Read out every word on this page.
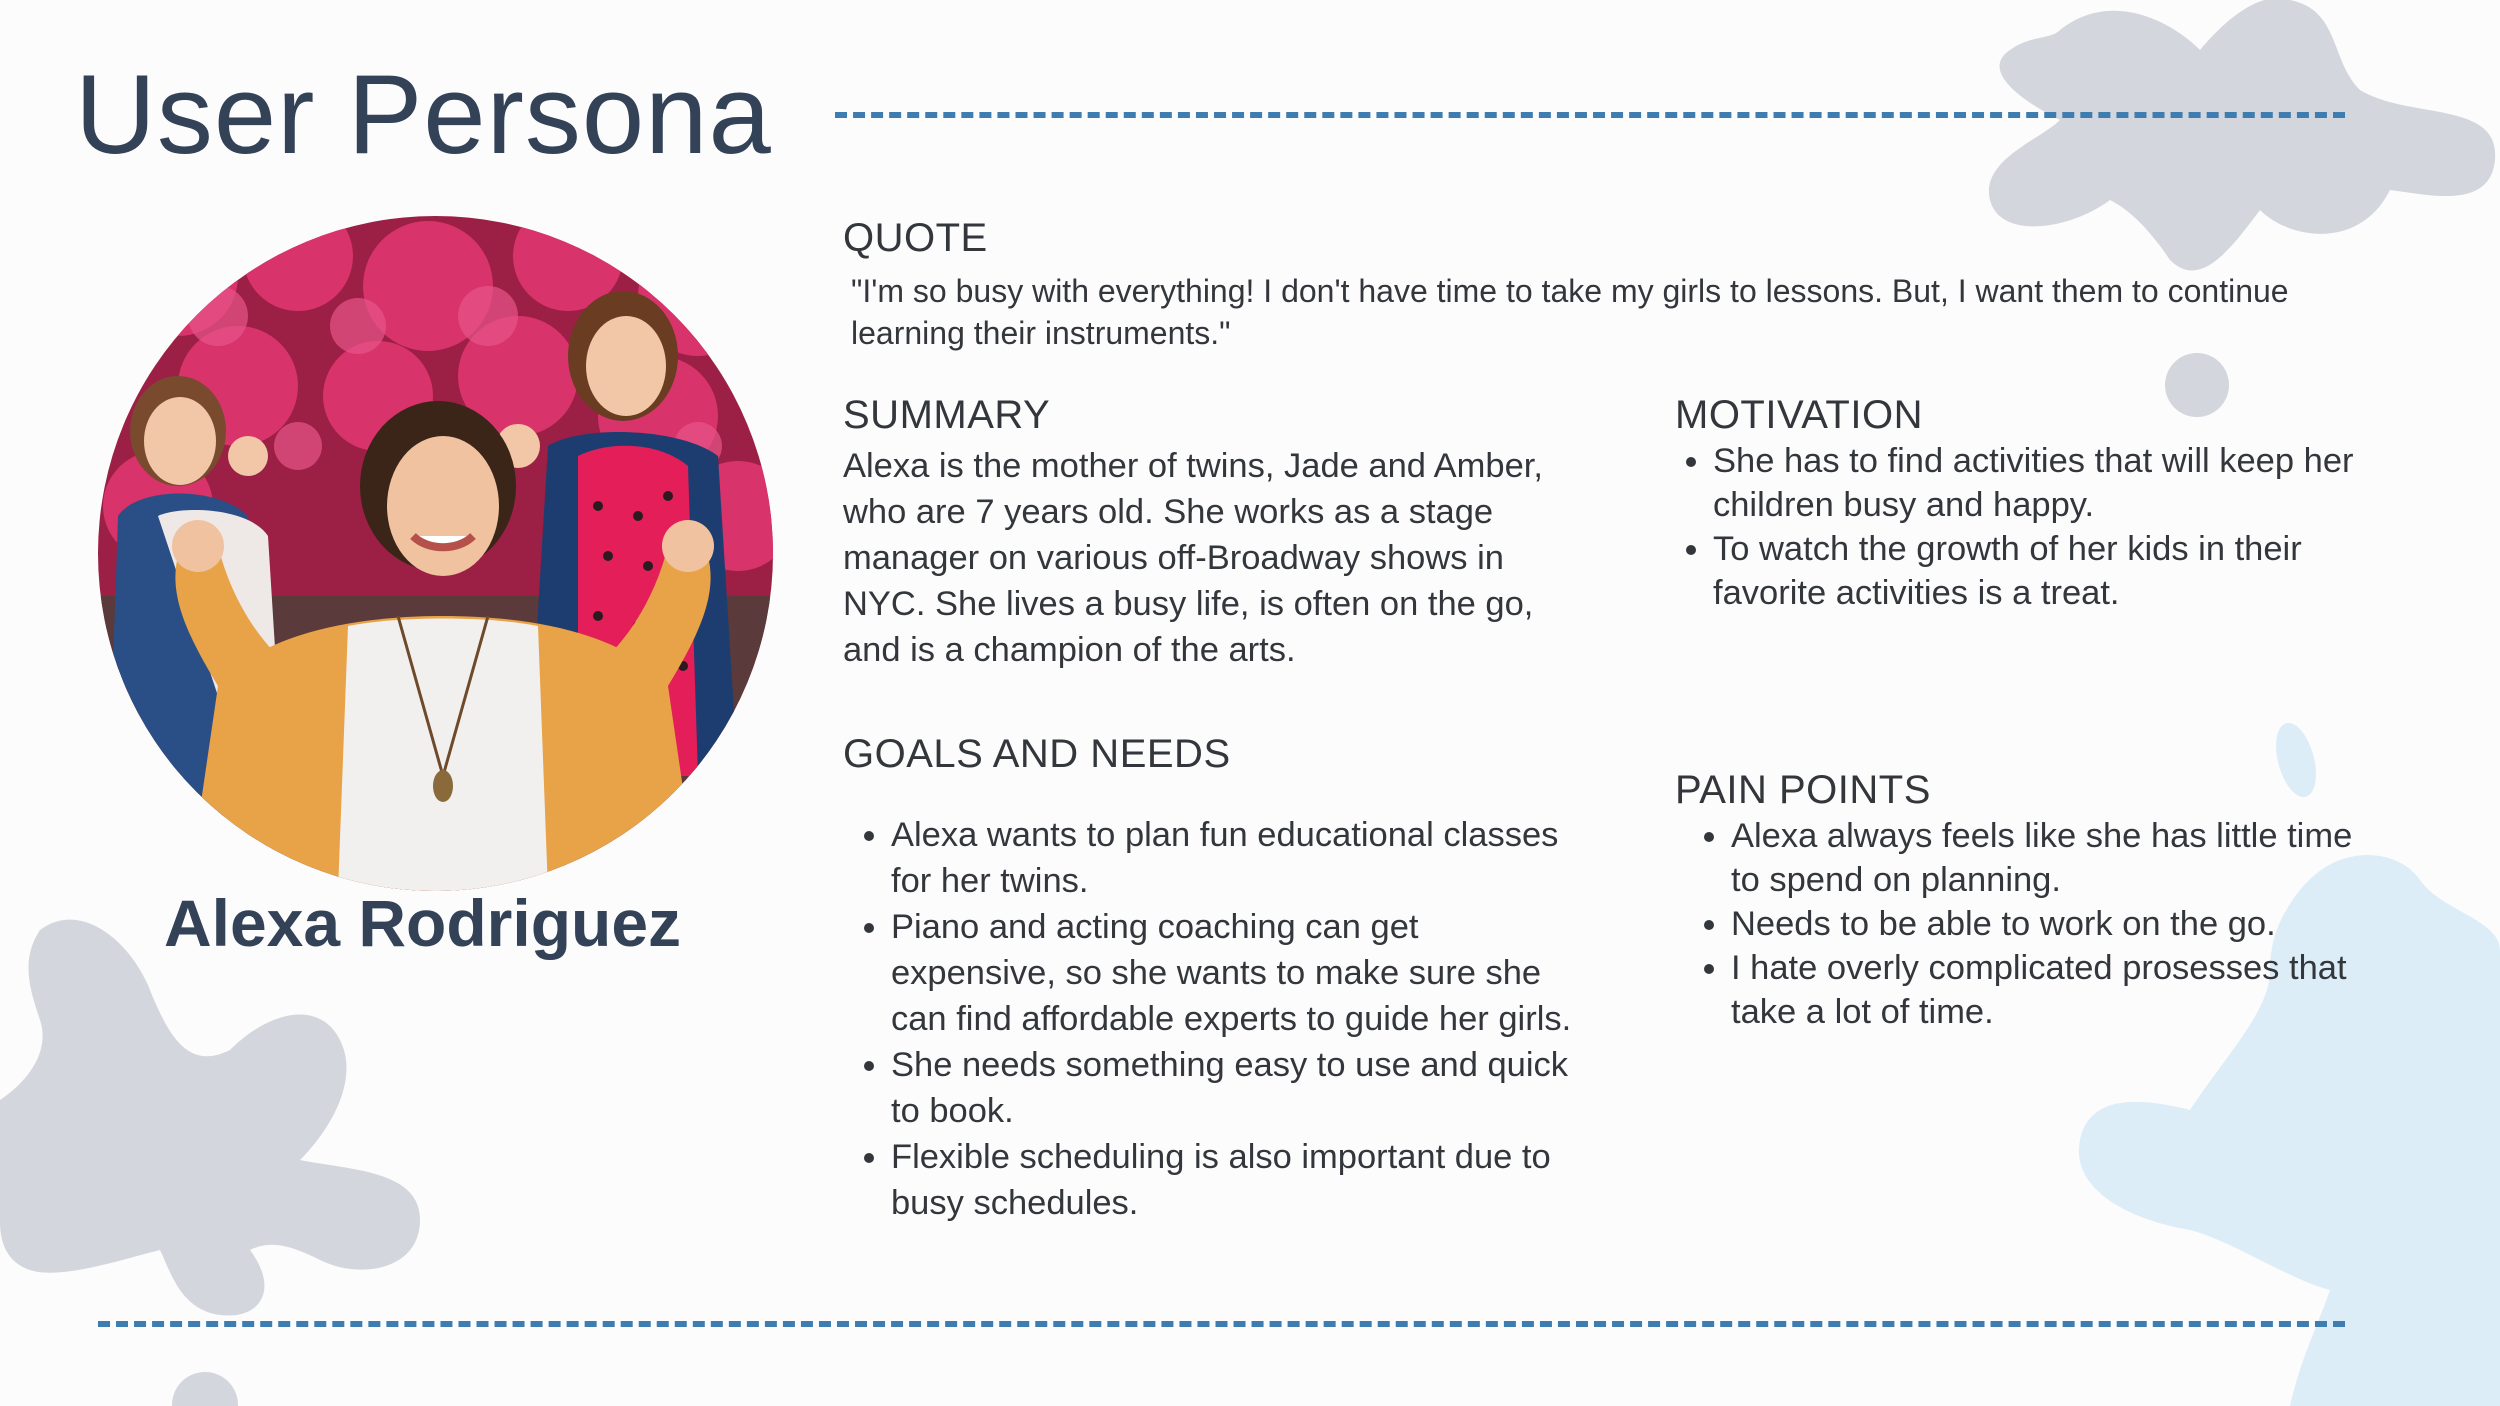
User Persona
Alexa Rodriguez
QUOTE

"I'm so busy with everything! I don't have time to take my girls to lessons. But, I want them to continue learning their instruments."

SUMMARY

Alexa is the mother of twins, Jade and Amber, who are 7 years old. She works as a stage manager on various off-Broadway shows in NYC. She lives a busy life, is often on the go, and is a champion of the arts.

MOTIVATION
• She has to find activities that will keep her children busy and happy.
• To watch the growth of her kids in their favorite activities is a treat.
GOALS AND NEEDS
• Alexa wants to plan fun educational classes for her twins.
• Piano and acting coaching can get expensive, so she wants to make sure she can find affordable experts to guide her girls.
• She needs something easy to use and quick to book.
• Flexible scheduling is also important due to busy schedules.
PAIN POINTS
• Alexa always feels like she has little time to spend on planning.
• Needs to be able to work on the go.
• I hate overly complicated prosesses that take a lot of time.
